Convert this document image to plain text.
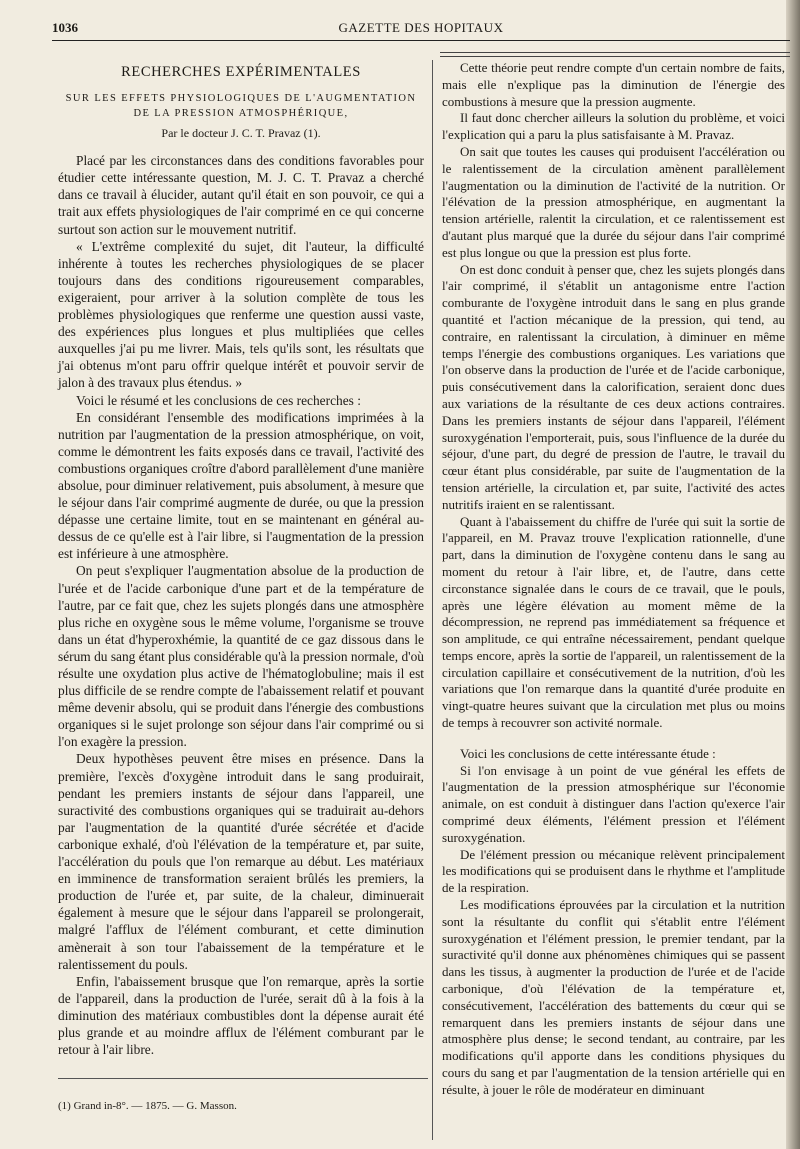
1036	GAZETTE DES HOPITAUX
RECHERCHES EXPÉRIMENTALES
SUR LES EFFETS PHYSIOLOGIQUES DE L'AUGMENTATION DE LA PRESSION ATMOSPHÉRIQUE,
Par le docteur J. C. T. Pravaz (1).

Placé par les circonstances dans des conditions favorables pour étudier cette intéressante question, M. J. C. T. Pravaz a cherché dans ce travail à élucider, autant qu'il était en son pouvoir, ce qui a trait aux effets physiologiques de l'air comprimé en ce qui concerne surtout son action sur le mouvement nutritif.

« L'extrême complexité du sujet, dit l'auteur, la difficulté inhérente à toutes les recherches physiologiques de se placer toujours dans des conditions rigoureusement comparables, exigeraient, pour arriver à la solution complète de tous les problèmes physiologiques que renferme une question aussi vaste, des expériences plus longues et plus multipliées que celles auxquelles j'ai pu me livrer. Mais, tels qu'ils sont, les résultats que j'ai obtenus m'ont paru offrir quelque intérêt et pouvoir servir de jalon à des travaux plus étendus. »

Voici le résumé et les conclusions de ces recherches :

En considérant l'ensemble des modifications imprimées à la nutrition par l'augmentation de la pression atmosphérique, on voit, comme le démontrent les faits exposés dans ce travail, l'activité des combustions organiques croître d'abord parallèlement d'une manière absolue, pour diminuer relativement, puis absolument, à mesure que le séjour dans l'air comprimé augmente de durée, ou que la pression dépasse une certaine limite, tout en se maintenant en général au-dessus de ce qu'elle est à l'air libre, si l'augmentation de la pression est inférieure à une atmosphère.

On peut s'expliquer l'augmentation absolue de la production de l'urée et de l'acide carbonique d'une part et de la température de l'autre, par ce fait que, chez les sujets plongés dans une atmosphère plus riche en oxygène sous le même volume, l'organisme se trouve dans un état d'hyperoxhémie, la quantité de ce gaz dissous dans le sérum du sang étant plus considérable qu'à la pression normale, d'où résulte une oxydation plus active de l'hématoglobuline; mais il est plus difficile de se rendre compte de l'abaissement relatif et pouvant même devenir absolu, qui se produit dans l'énergie des combustions organiques si le sujet prolonge son séjour dans l'air comprimé ou si l'on exagère la pression.

Deux hypothèses peuvent être mises en présence. Dans la première, l'excès d'oxygène introduit dans le sang produirait, pendant les premiers instants de séjour dans l'appareil, une suractivité des combustions organiques qui se traduirait au-dehors par l'augmentation de la quantité d'urée sécrétée et d'acide carbonique exhalé, d'où l'élévation de la température et, par suite, l'accélération du pouls que l'on remarque au début. Les matériaux en imminence de transformation seraient brûlés les premiers, la production de l'urée et, par suite, de la chaleur, diminuerait également à mesure que le séjour dans l'appareil se prolongerait, malgré l'afflux de l'élément comburant, et cette diminution amènerait à son tour l'abaissement de la température et le ralentissement du pouls.

Enfin, l'abaissement brusque que l'on remarque, après la sortie de l'appareil, dans la production de l'urée, serait dû à la fois à la diminution des matériaux combustibles dont la dépense aurait été plus grande et au moindre afflux de l'élément comburant par le retour à l'air libre.

Cette théorie peut rendre compte d'un certain nombre de faits, mais elle n'explique pas la diminution de l'énergie des combustions à mesure que la pression augmente.

Il faut donc chercher ailleurs la solution du problème, et voici l'explication qui a paru la plus satisfaisante à M. Pravaz.

On sait que toutes les causes qui produisent l'accélération ou le ralentissement de la circulation amènent parallèlement l'augmentation ou la diminution de l'activité de la nutrition. Or l'élévation de la pression atmosphérique, en augmentant la tension artérielle, ralentit la circulation, et ce ralentissement est d'autant plus marqué que la durée du séjour dans l'air comprimé est plus longue ou que la pression est plus forte.

On est donc conduit à penser que, chez les sujets plongés dans l'air comprimé, il s'établit un antagonisme entre l'action comburante de l'oxygène introduit dans le sang en plus grande quantité et l'action mécanique de la pression, qui tend, au contraire, en ralentissant la circulation, à diminuer en même temps l'énergie des combustions organiques. Les variations que l'on observe dans la production de l'urée et de l'acide carbonique, puis consécutivement dans la calorification, seraient donc dues aux variations de la résultante de ces deux actions contraires. Dans les premiers instants de séjour dans l'appareil, l'élément suroxygénation l'emporterait, puis, sous l'influence de la durée du séjour, d'une part, du degré de pression de l'autre, le travail du cœur étant plus considérable, par suite de l'augmentation de la tension artérielle, la circulation et, par suite, l'activité des actes nutritifs iraient en se ralentissant.

Quant à l'abaissement du chiffre de l'urée qui suit la sortie de l'appareil, en M. Pravaz trouve l'explication rationnelle, d'une part, dans la diminution de l'oxygène contenu dans le sang au moment du retour à l'air libre, et, de l'autre, dans cette circonstance signalée dans le cours de ce travail, que le pouls, après une légère élévation au moment même de la décompression, ne reprend pas immédiatement sa fréquence et son amplitude, ce qui entraîne nécessairement, pendant quelque temps encore, après la sortie de l'appareil, un ralentissement de la circulation capillaire et consécutivement de la nutrition, d'où les variations que l'on remarque dans la quantité d'urée produite en vingt-quatre heures suivant que la circulation met plus ou moins de temps à recouvrer son activité normale.

Voici les conclusions de cette intéressante étude :

Si l'on envisage à un point de vue général les effets de l'augmentation de la pression atmosphérique sur l'économie animale, on est conduit à distinguer dans l'action qu'exerce l'air comprimé deux éléments, l'élément pression et l'élément suroxygénation.

De l'élément pression ou mécanique relèvent principalement les modifications qui se produisent dans le rhythme et l'amplitude de la respiration.

Les modifications éprouvées par la circulation et la nutrition sont la résultante du conflit qui s'établit entre l'élément suroxygénation et l'élément pression, le premier tendant, par la suractivité qu'il donne aux phénomènes chimiques qui se passent dans les tissus, à augmenter la production de l'urée et de l'acide carbonique, d'où l'élévation de la température et, consécutivement, l'accélération des battements du cœur qui se remarquent dans les premiers instants de séjour dans une atmosphère plus dense; le second tendant, au contraire, par les modifications qu'il apporte dans les conditions physiques du cours du sang et par l'augmentation de la tension artérielle qui en résulte, à jouer le rôle de modérateur en diminuant

(1) Grand in-8°. — 1875. — G. Masson.
